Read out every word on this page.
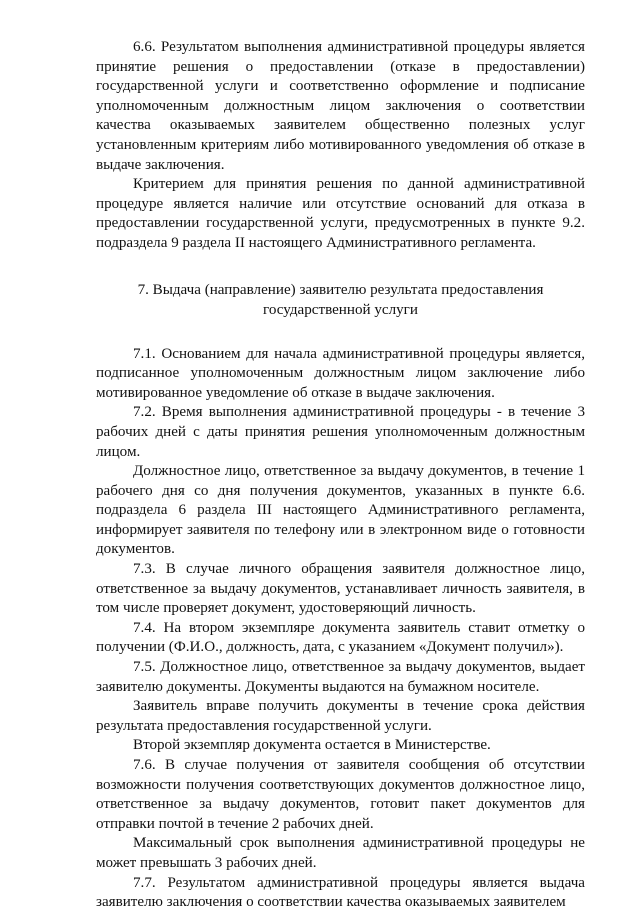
6.6. Результатом выполнения административной процедуры является принятие решения о предоставлении (отказе в предоставлении) государственной услуги и соответственно оформление и подписание уполномоченным должностным лицом заключения о соответствии качества оказываемых заявителем общественно полезных услуг установленным критериям либо мотивированного уведомления об отказе в выдаче заключения.

Критерием для принятия решения по данной административной процедуре является наличие или отсутствие оснований для отказа в предоставлении государственной услуги, предусмотренных в пункте 9.2. подраздела 9 раздела II настоящего Административного регламента.

7. Выдача (направление) заявителю результата предоставления
государственной услуги

7.1. Основанием для начала административной процедуры является, подписанное уполномоченным должностным лицом заключение либо мотивированное уведомление об отказе в выдаче заключения.

7.2. Время выполнения административной процедуры - в течение 3 рабочих дней с даты принятия решения уполномоченным должностным лицом.

Должностное лицо, ответственное за выдачу документов, в течение 1 рабочего дня со дня получения документов, указанных в пункте 6.6. подраздела 6 раздела III настоящего Административного регламента, информирует заявителя по телефону или в электронном виде о готовности документов.

7.3. В случае личного обращения заявителя должностное лицо, ответственное за выдачу документов, устанавливает личность заявителя, в том числе проверяет документ, удостоверяющий личность.

7.4. На втором экземпляре документа заявитель ставит отметку о получении (Ф.И.О., должность, дата, с указанием «Документ получил»).

7.5. Должностное лицо, ответственное за выдачу документов, выдает заявителю документы. Документы выдаются на бумажном носителе.

Заявитель вправе получить документы в течение срока действия результата предоставления государственной услуги.

Второй экземпляр документа остается в Министерстве.

7.6. В случае получения от заявителя сообщения об отсутствии возможности получения соответствующих документов должностное лицо, ответственное за выдачу документов, готовит пакет документов для отправки почтой в течение 2 рабочих дней.

Максимальный срок выполнения административной процедуры не может превышать 3 рабочих дней.

7.7. Результатом административной процедуры является выдача заявителю заключения о соответствии качества оказываемых заявителем
